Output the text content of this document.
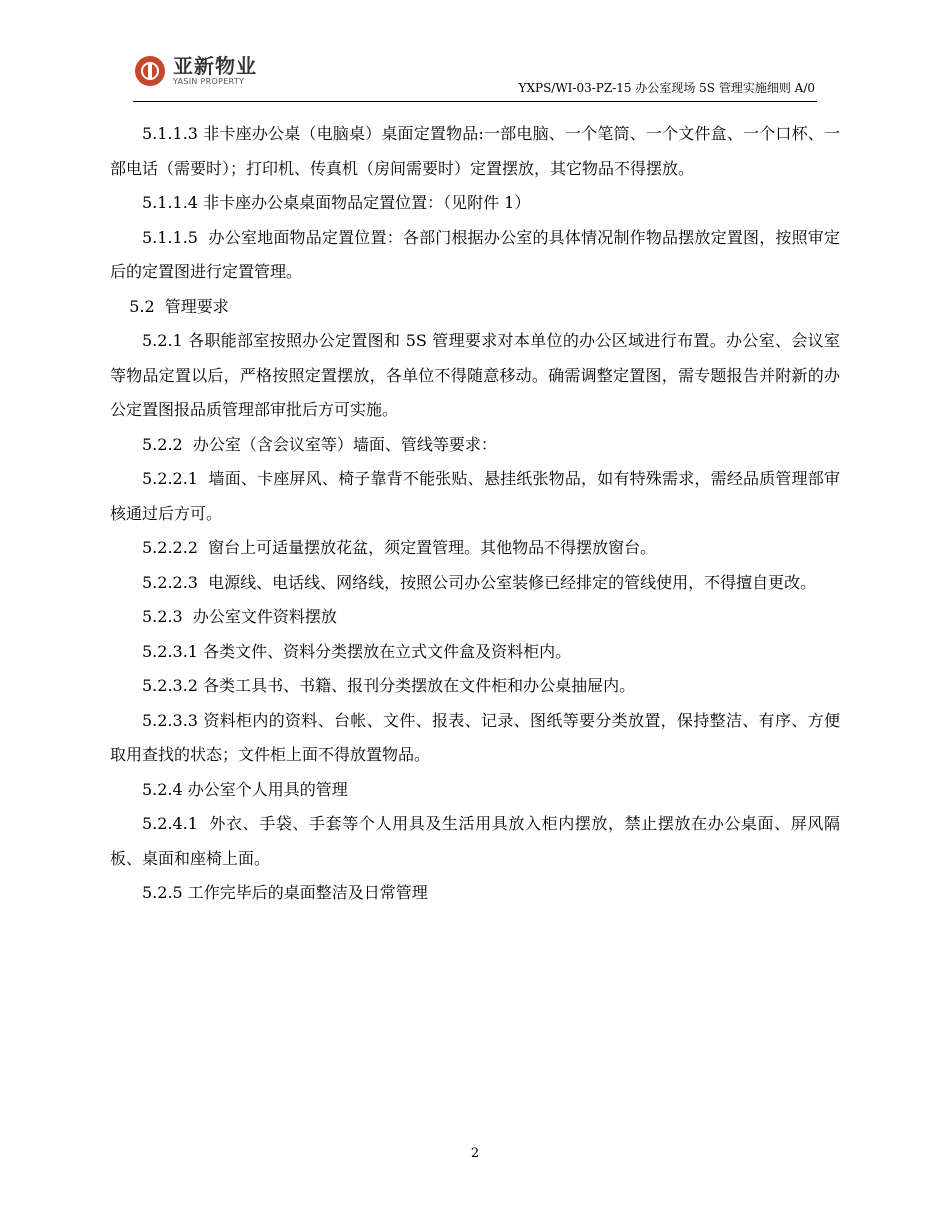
亚新物业
YASIN PROPERTY	YXPS/WI-03-PZ-15 办公室现场 5S 管理实施细则 A/0

5.1.1.3 非卡座办公桌（电脑桌）桌面定置物品:一部电脑、一个笔筒、一个文件盒、一个口杯、一部电话（需要时）；打印机、传真机（房间需要时）定置摆放，其它物品不得摆放。

5.1.1.4 非卡座办公桌桌面物品定置位置：（见附件 1）

5.1.1.5  办公室地面物品定置位置：各部门根据办公室的具体情况制作物品摆放定置图，按照审定后的定置图进行定置管理。

5.2  管理要求

5.2.1 各职能部室按照办公定置图和 5S 管理要求对本单位的办公区域进行布置。办公室、会议室等物品定置以后，严格按照定置摆放，各单位不得随意移动。确需调整定置图，需专题报告并附新的办公定置图报品质管理部审批后方可实施。

5.2.2  办公室（含会议室等）墙面、管线等要求：

5.2.2.1  墙面、卡座屏风、椅子靠背不能张贴、悬挂纸张物品，如有特殊需求，需经品质管理部审核通过后方可。

5.2.2.2  窗台上可适量摆放花盆，须定置管理。其他物品不得摆放窗台。

5.2.2.3  电源线、电话线、网络线，按照公司办公室装修已经排定的管线使用，不得擅自更改。

5.2.3  办公室文件资料摆放

5.2.3.1 各类文件、资料分类摆放在立式文件盒及资料柜内。

5.2.3.2 各类工具书、书籍、报刊分类摆放在文件柜和办公桌抽屉内。

5.2.3.3 资料柜内的资料、台帐、文件、报表、记录、图纸等要分类放置，保持整洁、有序、方便取用查找的状态；文件柜上面不得放置物品。

5.2.4 办公室个人用具的管理

5.2.4.1  外衣、手袋、手套等个人用具及生活用具放入柜内摆放，禁止摆放在办公桌面、屏风隔板、桌面和座椅上面。

5.2.5 工作完毕后的桌面整洁及日常管理

2
